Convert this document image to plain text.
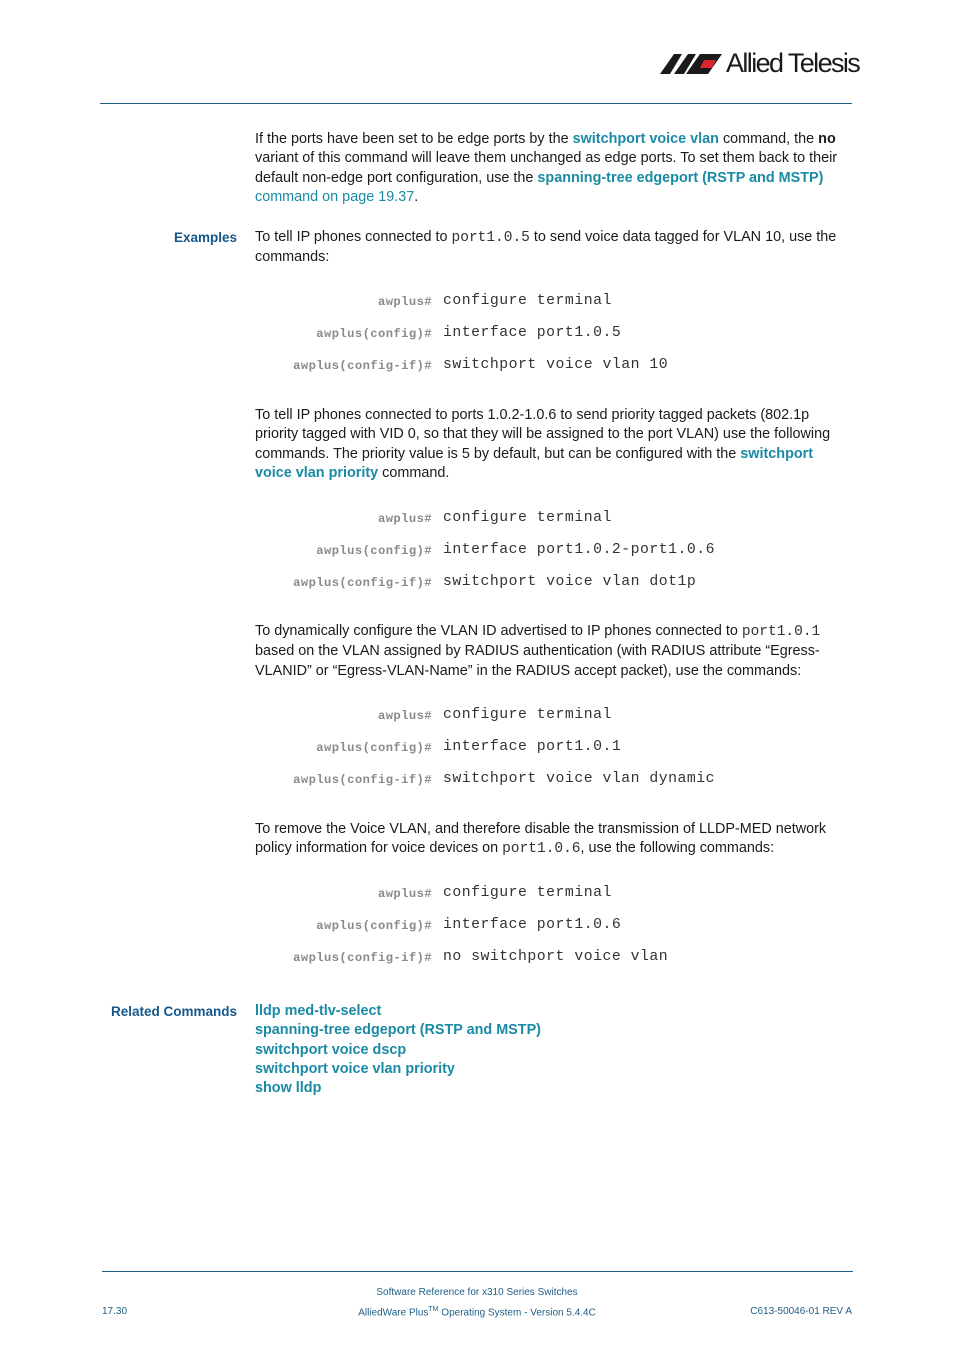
Allied Telesis
If the ports have been set to be edge ports by the switchport voice vlan command, the no variant of this command will leave them unchanged as edge ports. To set them back to their default non-edge port configuration, use the spanning-tree edgeport (RSTP and MSTP) command on page 19.37.
Examples To tell IP phones connected to port1.0.5 to send voice data tagged for VLAN 10, use the commands:
awplus# configure terminal
awplus(config)# interface port1.0.5
awplus(config-if)# switchport voice vlan 10
To tell IP phones connected to ports 1.0.2-1.0.6 to send priority tagged packets (802.1p priority tagged with VID 0, so that they will be assigned to the port VLAN) use the following commands. The priority value is 5 by default, but can be configured with the switchport voice vlan priority command.
awplus# configure terminal
awplus(config)# interface port1.0.2-port1.0.6
awplus(config-if)# switchport voice vlan dot1p
To dynamically configure the VLAN ID advertised to IP phones connected to port1.0.1 based on the VLAN assigned by RADIUS authentication (with RADIUS attribute “Egress-VLANID” or “Egress-VLAN-Name” in the RADIUS accept packet), use the commands:
awplus# configure terminal
awplus(config)# interface port1.0.1
awplus(config-if)# switchport voice vlan dynamic
To remove the Voice VLAN, and therefore disable the transmission of LLDP-MED network policy information for voice devices on port1.0.6, use the following commands:
awplus# configure terminal
awplus(config)# interface port1.0.6
awplus(config-if)# no switchport voice vlan
Related Commands lldp med-tlv-select
spanning-tree edgeport (RSTP and MSTP)
switchport voice dscp
switchport voice vlan priority
show lldp
Software Reference for x310 Series Switches
AlliedWare Plus™ Operating System - Version 5.4.4C
17.30	C613-50046-01 REV A
